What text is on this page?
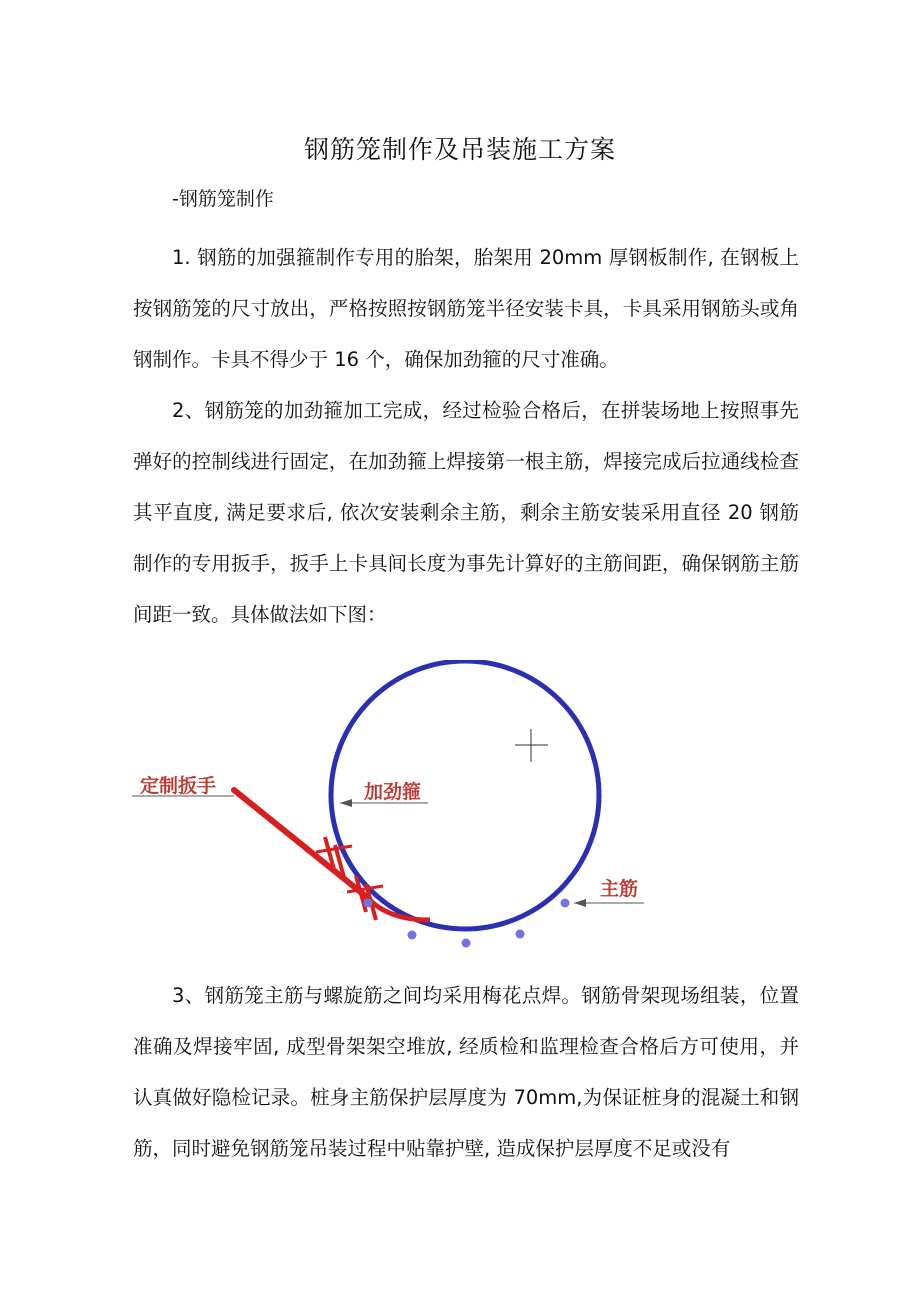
钢筋笼制作及吊装施工方案
-钢筋笼制作

1. 钢筋的加强箍制作专用的胎架，胎架用 20mm 厚钢板制作, 在钢板上按钢筋笼的尺寸放出，严格按照按钢筋笼半径安装卡具，卡具采用钢筋头或角钢制作。卡具不得少于 16 个，确保加劲箍的尺寸准确。

2、钢筋笼的加劲箍加工完成，经过检验合格后，在拼装场地上按照事先弹好的控制线进行固定，在加劲箍上焊接第一根主筋，焊接完成后拉通线检查其平直度, 满足要求后, 依次安装剩余主筋，剩余主筋安装采用直径 20 钢筋制作的专用扳手，扳手上卡具间长度为事先计算好的主筋间距，确保钢筋主筋间距一致。具体做法如下图：

定制扳手	加劲箍
主筋

3、钢筋笼主筋与螺旋筋之间均采用梅花点焊。钢筋骨架现场组装，位置准确及焊接牢固, 成型骨架架空堆放, 经质检和监理检查合格后方可使用，并认真做好隐检记录。桩身主筋保护层厚度为 70mm,为保证桩身的混凝土和钢筋，同时避免钢筋笼吊装过程中贴靠护壁, 造成保护层厚度不足或没有
